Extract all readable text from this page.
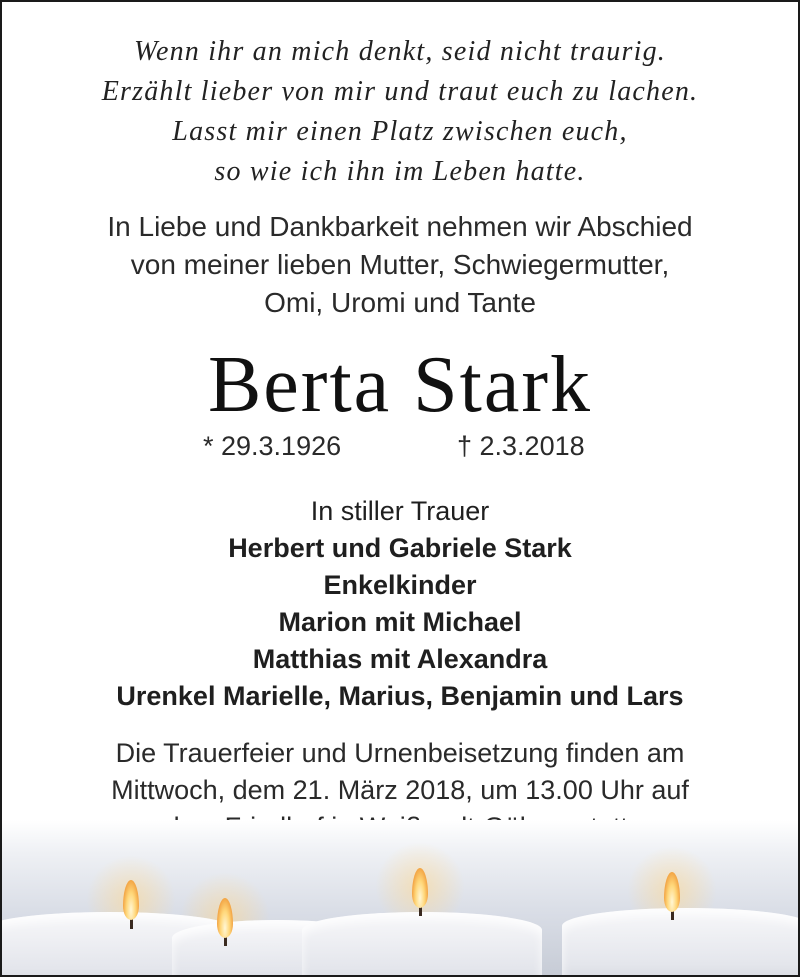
Wenn ihr an mich denkt, seid nicht traurig.
Erzählt lieber von mir und traut euch zu lachen.
Lasst mir einen Platz zwischen euch,
so wie ich ihn im Leben hatte.
In Liebe und Dankbarkeit nehmen wir Abschied
von meiner lieben Mutter, Schwiegermutter,
Omi, Uromi und Tante
Berta Stark
* 29.3.1926	† 2.3.2018
In stiller Trauer
Herbert und Gabriele Stark
Enkelkinder
Marion mit Michael
Matthias mit Alexandra
Urenkel Marielle, Marius, Benjamin und Lars
Die Trauerfeier und Urnenbeisetzung finden am
Mittwoch, dem 21. März 2018, um 13.00 Uhr auf
